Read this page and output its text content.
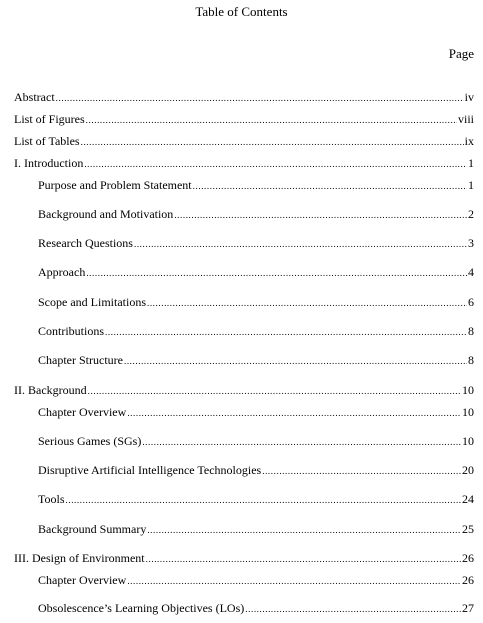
Table of Contents
Page
Abstract .....	iv
List of Figures .....	viii
List of Tables .....	ix
I. Introduction .....	1
Purpose and Problem Statement .....	1
Background and Motivation .....	2
Research Questions .....	3
Approach .....	4
Scope and Limitations .....	6
Contributions .....	8
Chapter Structure .....	8
II. Background .....	10
Chapter Overview .....	10
Serious Games (SGs) .....	10
Disruptive Artificial Intelligence Technologies .....	20
Tools .....	24
Background Summary .....	25
III. Design of Environment .....	26
Chapter Overview .....	26
Obsolescence’s Learning Objectives (LOs) .....	27
